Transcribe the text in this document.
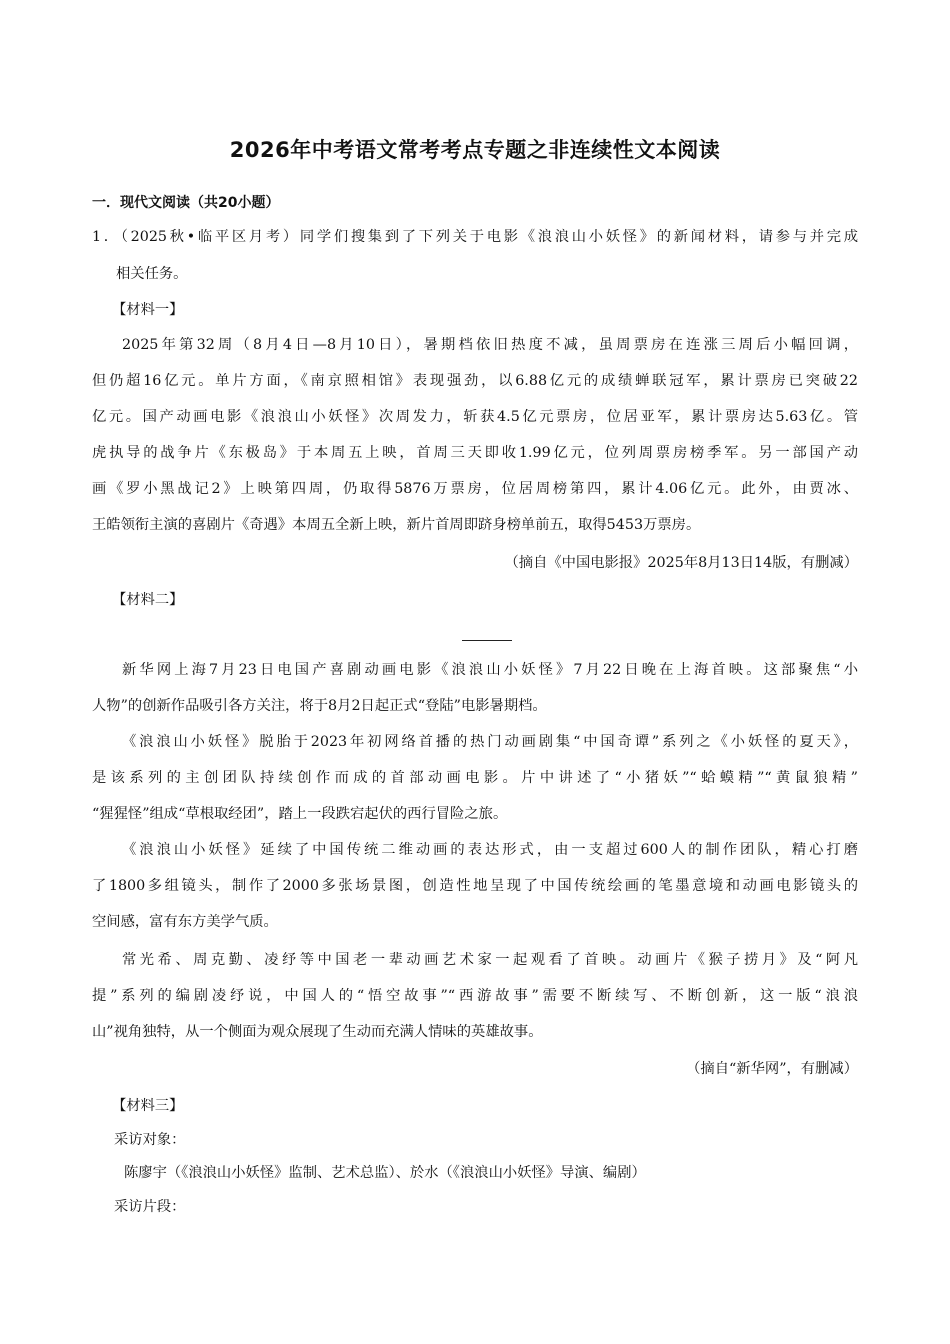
2026年中考语文常考考点专题之非连续性文本阅读
一．现代文阅读（共20小题）
1．（2025秋•临平区月考）同学们搜集到了下列关于电影《浪浪山小妖怪》的新闻材料，请参与并完成
相关任务。
【材料一】
2025年第32周（8月4日—8月10日），暑期档依旧热度不减，虽周票房在连涨三周后小幅回调，
但仍超16亿元。单片方面，《南京照相馆》表现强劲，以6.88亿元的成绩蝉联冠军，累计票房已突破22
亿元。国产动画电影《浪浪山小妖怪》次周发力，斩获4.5亿元票房，位居亚军，累计票房达5.63亿。管
虎执导的战争片《东极岛》于本周五上映，首周三天即收1.99亿元，位列周票房榜季军。另一部国产动
画《罗小黑战记2》上映第四周，仍取得5876万票房，位居周榜第四，累计4.06亿元。此外，由贾冰、
王皓领衔主演的喜剧片《奇遇》本周五全新上映，新片首周即跻身榜单前五，取得5453万票房。
（摘自《中国电影报》2025年8月13日14版，有删减）
【材料二】
新华网上海7月23日电国产喜剧动画电影《浪浪山小妖怪》7月22日晚在上海首映。这部聚焦“小
人物”的创新作品吸引各方关注，将于8月2日起正式“登陆”电影暑期档。
《浪浪山小妖怪》脱胎于2023年初网络首播的热门动画剧集“中国奇谭”系列之《小妖怪的夏天》，
是该系列的主创团队持续创作而成的首部动画电影。片中讲述了“小猪妖”“蛤蟆精”“黄鼠狼精”
“猩猩怪”组成“草根取经团”，踏上一段跌宕起伏的西行冒险之旅。
《浪浪山小妖怪》延续了中国传统二维动画的表达形式，由一支超过600人的制作团队，精心打磨
了1800多组镜头，制作了2000多张场景图，创造性地呈现了中国传统绘画的笔墨意境和动画电影镜头的
空间感，富有东方美学气质。
常光希、周克勤、凌纾等中国老一辈动画艺术家一起观看了首映。动画片《猴子捞月》及“阿凡
提”系列的编剧凌纾说，中国人的“悟空故事”“西游故事”需要不断续写、不断创新，这一版“浪浪
山”视角独特，从一个侧面为观众展现了生动而充满人情味的英雄故事。
（摘自“新华网”，有删减）
【材料三】
采访对象：
陈廖宇（《浪浪山小妖怪》监制、艺术总监）、於水（《浪浪山小妖怪》导演、编剧）
采访片段：
